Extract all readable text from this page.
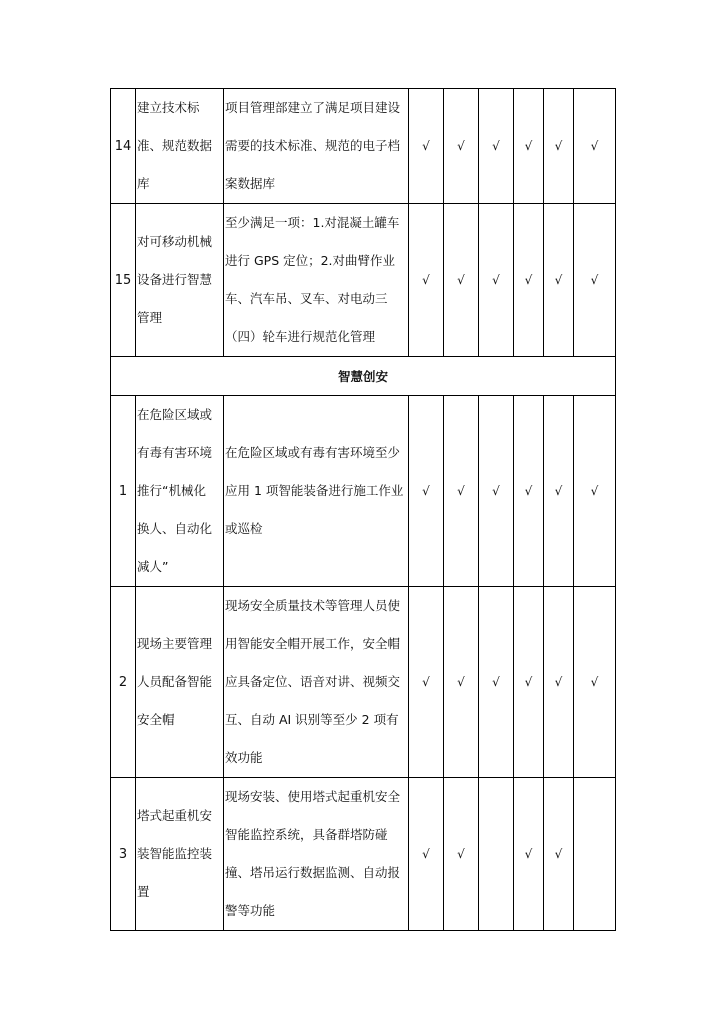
14	建立技术标
准、规范数据
库	项目管理部建立了满足项目建设
需要的技术标准、规范的电子档
案数据库	√	√	√	√	√	√
15	对可移动机械
设备进行智慧
管理	至少满足一项：1.对混凝土罐车
进行 GPS 定位；2.对曲臂作业
车、汽车吊、叉车、对电动三
（四）轮车进行规范化管理	√	√	√	√	√	√
智慧创安								
1	在危险区域或
有毒有害环境
推行“机械化
换人、自动化
减人”	在危险区域或有毒有害环境至少
应用 1 项智能装备进行施工作业
或巡检	√	√	√	√	√	√
2	现场主要管理
人员配备智能
安全帽	现场安全质量技术等管理人员使
用智能安全帽开展工作，安全帽
应具备定位、语音对讲、视频交
互、自动 AI 识别等至少 2 项有
效功能	√	√	√	√	√	√
3	塔式起重机安
装智能监控装
置	现场安装、使用塔式起重机安全
智能监控系统，具备群塔防碰
撞、塔吊运行数据监测、自动报
警等功能	√	√		√	√	
